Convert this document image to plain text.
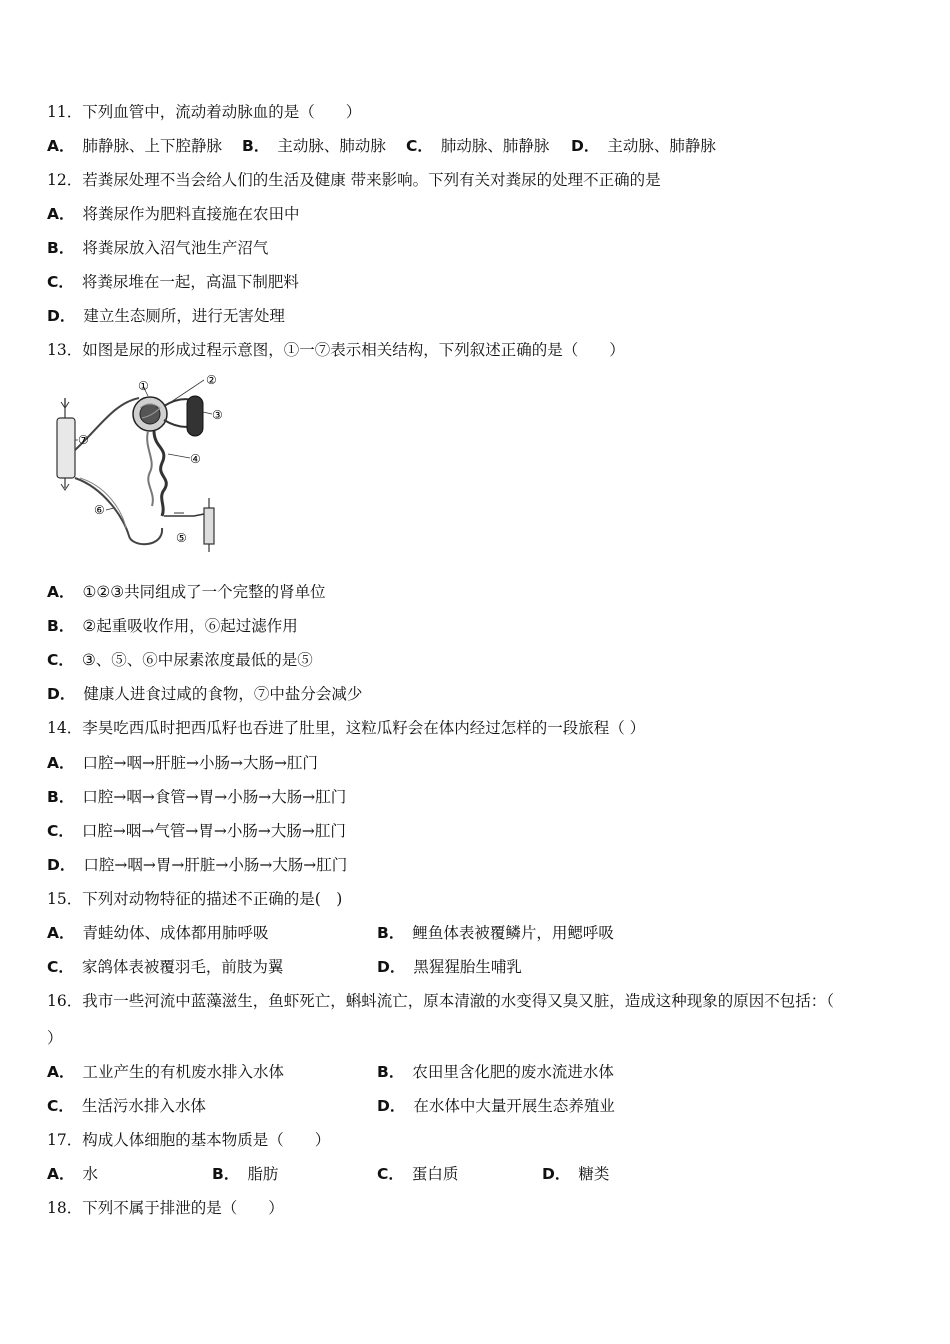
11．下列血管中，流动着动脉血的是（　　）
A． 肺静脉、上下腔静脉 B． 主动脉、肺动脉 C． 肺动脉、肺静脉 D． 主动脉、肺静脉
12．若粪尿处理不当会给人们的生活及健康 带来影响。下列有关对粪尿的处理不正确的是
A． 将粪尿作为肥料直接施在农田中
B． 将粪尿放入沼气池生产沼气
C． 将粪尿堆在一起，高温下制肥料
D． 建立生态厕所，进行无害处理
13．如图是尿的形成过程示意图，①一⑦表示相关结构，下列叙述正确的是（　　）
①	②
③
④
⑤
⑥
⑦
A． ①②③共同组成了一个完整的肾单位
B． ②起重吸收作用，⑥起过滤作用
C． ③、⑤、⑥中尿素浓度最低的是⑤
D． 健康人进食过咸的食物，⑦中盐分会减少
14．李昊吃西瓜时把西瓜籽也吞进了肚里，这粒瓜籽会在体内经过怎样的一段旅程（ ）
A． 口腔→咽→肝脏→小肠→大肠→肛门
B． 口腔→咽→食管→胃→小肠→大肠→肛门
C． 口腔→咽→气管→胃→小肠→大肠→肛门
D． 口腔→咽→胃→肝脏→小肠→大肠→肛门
15．下列对动物特征的描述不正确的是(　)
A． 青蛙幼体、成体都用肺呼吸	B． 鲤鱼体表被覆鳞片，用鳃呼吸
C． 家鸽体表被覆羽毛，前肢为翼	D． 黑猩猩胎生哺乳
16．我市一些河流中蓝藻滋生，鱼虾死亡，蝌蚪流亡，原本清澈的水变得又臭又脏，造成这种现象的原因不包括：（
）
A． 工业产生的有机废水排入水体	B． 农田里含化肥的废水流进水体
C． 生活污水排入水体	D． 在水体中大量开展生态养殖业
17．构成人体细胞的基本物质是（　　）
A． 水	B． 脂肪	C． 蛋白质	D． 糖类
18．下列不属于排泄的是（　　）
